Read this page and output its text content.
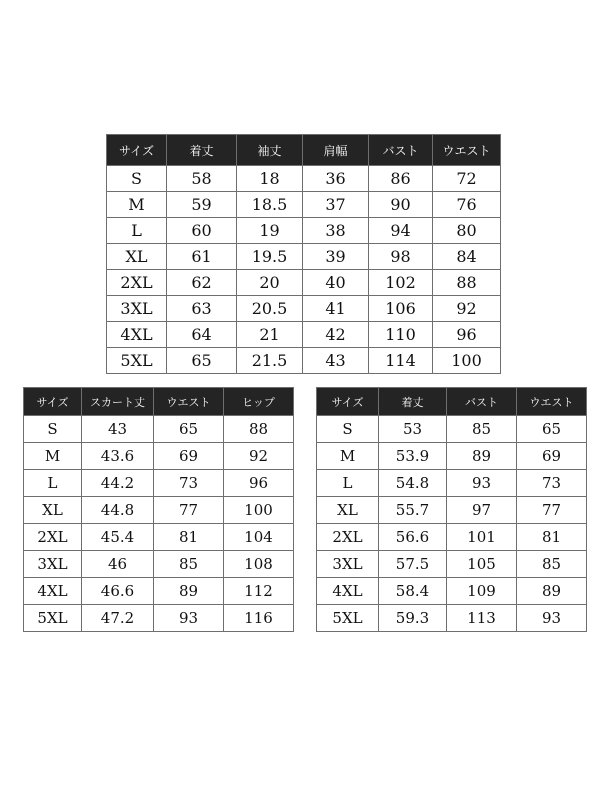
サイズ	着丈	袖丈	肩幅	バスト	ウエスト
S	58	18	36	86	72
M	59	18.5	37	90	76
L	60	19	38	94	80
XL	61	19.5	39	98	84
2XL	62	20	40	102	88
3XL	63	20.5	41	106	92
4XL	64	21	42	110	96
5XL	65	21.5	43	114	100
サイズ	スカート丈	ウエスト	ヒップ
S	43	65	88
M	43.6	69	92
L	44.2	73	96
XL	44.8	77	100
2XL	45.4	81	104
3XL	46	85	108
4XL	46.6	89	112
5XL	47.2	93	116
サイズ	着丈	バスト	ウエスト
S	53	85	65
M	53.9	89	69
L	54.8	93	73
XL	55.7	97	77
2XL	56.6	101	81
3XL	57.5	105	85
4XL	58.4	109	89
5XL	59.3	113	93
